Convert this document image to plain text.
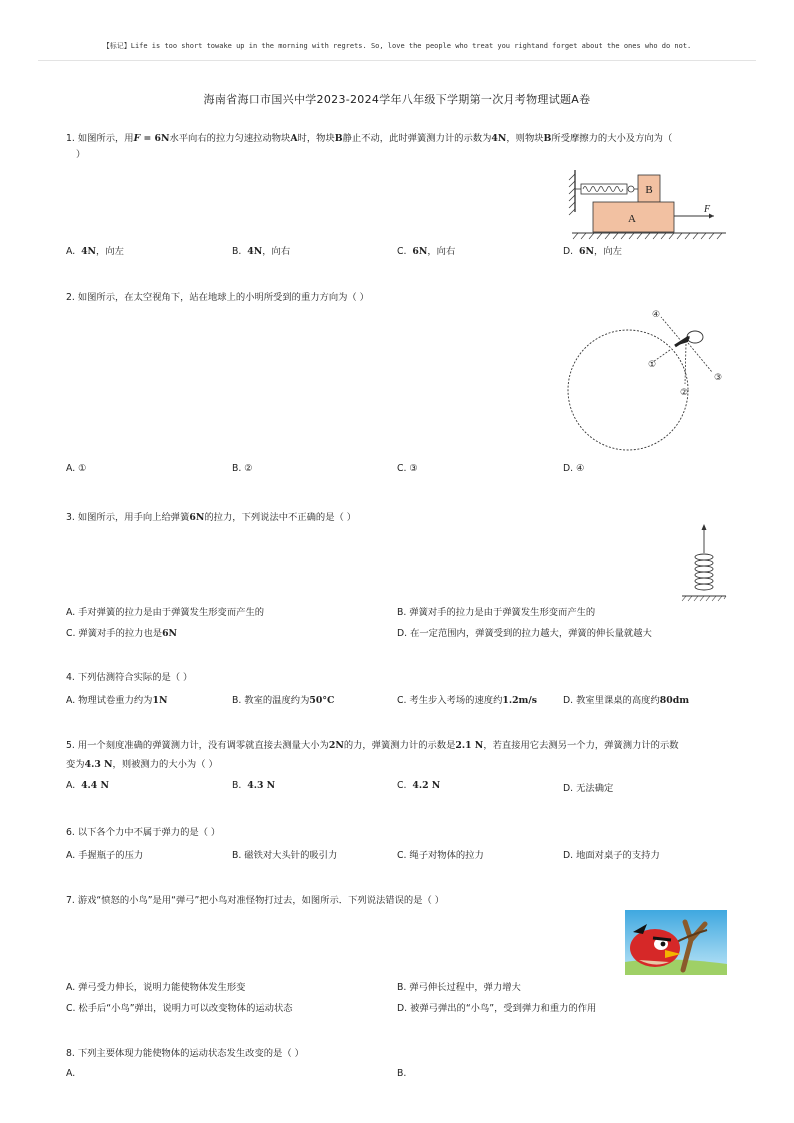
【标记】Life is too short towake up in the morning with regrets. So, love the people who treat you rightand forget about the ones who do not.
海南省海口市国兴中学2023-2024学年八年级下学期第一次月考物理试题A卷
1. 如图所示，用F = 6N水平向右的拉力匀速拉动物块A时，物块B静止不动，此时弹簧测力计的示数为4N，则物块B所受摩擦力的大小及方向为（
）
B
A
F
A. 4N，向左	B. 4N，向右	C. 6N，向右	D. 6N，向左
2. 如图所示，在太空视角下，站在地球上的小明所受到的重力方向为（ ）
①
②
③
④
A. ①	B. ②	C. ③	D. ④
3. 如图所示，用手向上给弹簧6N的拉力，下列说法中不正确的是（ ）
A. 手对弹簧的拉力是由于弹簧发生形变而产生的	B. 弹簧对手的拉力是由于弹簧发生形变而产生的
C. 弹簧对手的拉力也是6N	D. 在一定范围内，弹簧受到的拉力越大，弹簧的伸长量就越大
4. 下列估测符合实际的是（ ）
A. 物理试卷重力约为1N	B. 教室的温度约为50°C	C. 考生步入考场的速度约1.2m/s	D. 教室里课桌的高度约80dm
5. 用一个刻度准确的弹簧测力计，没有调零就直接去测量大小为2N的力，弹簧测力计的示数是2.1 N，若直接用它去测另一个力，弹簧测力计的示数
变为4.3 N，则被测力的大小为（ ）
A. 4.4 N	B. 4.3 N	C. 4.2 N	D. 无法确定
6. 以下各个力中不属于弹力的是（ ）
A. 手握瓶子的压力	B. 磁铁对大头针的吸引力	C. 绳子对物体的拉力	D. 地面对桌子的支持力
7. 游戏“愤怒的小鸟”是用“弹弓”把小鸟对准怪物打过去，如图所示．下列说法错误的是（ ）
A. 弹弓受力伸长，说明力能使物体发生形变	B. 弹弓伸长过程中，弹力增大
C. 松手后“小鸟”弹出，说明力可以改变物体的运动状态	D. 被弹弓弹出的“小鸟”，受到弹力和重力的作用
8. 下列主要体现力能使物体的运动状态发生改变的是（ ）
A.	B.
